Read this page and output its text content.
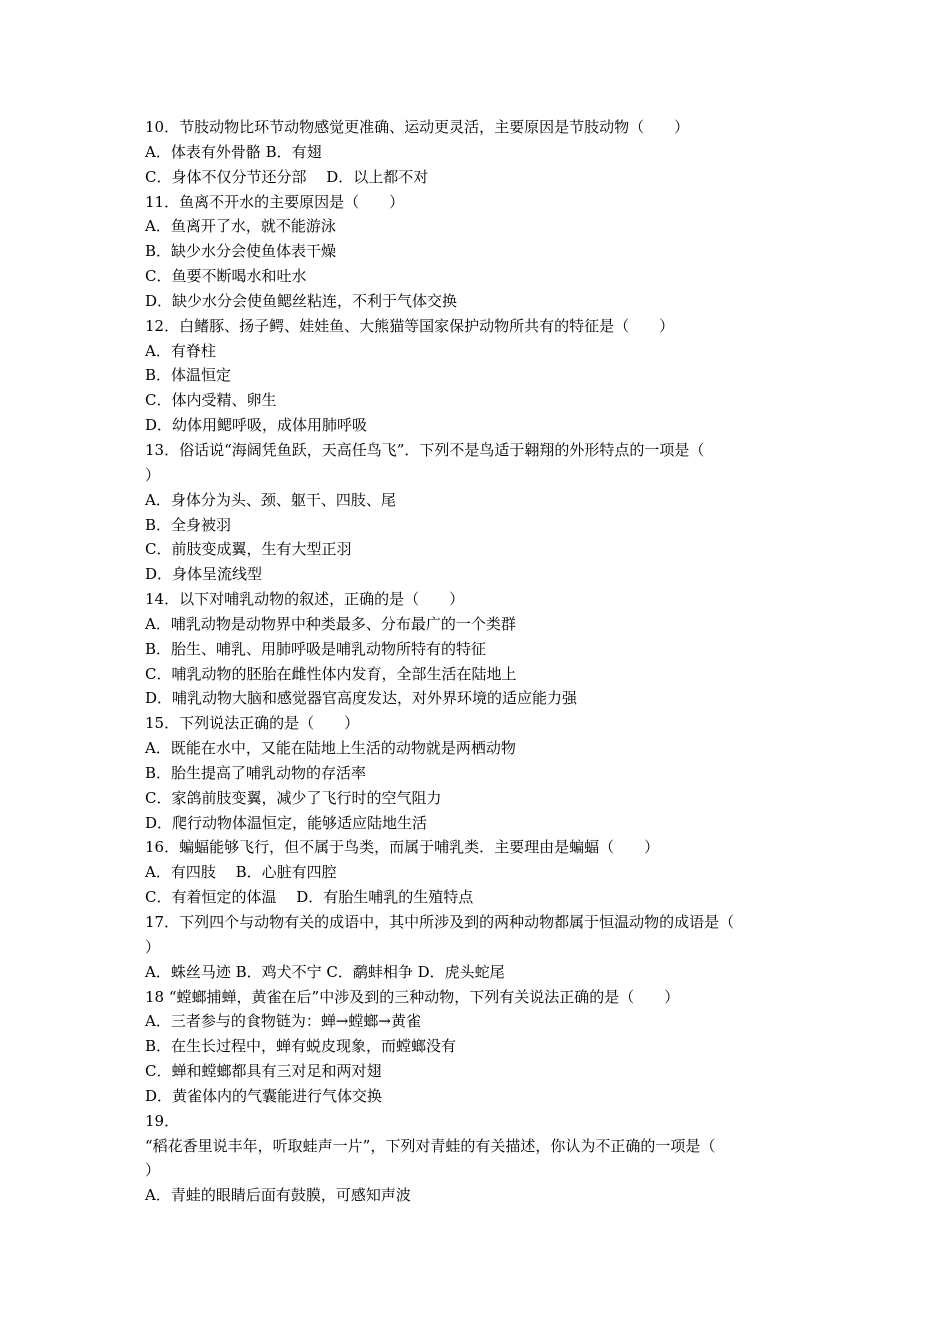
10．节肢动物比环节动物感觉更准确、运动更灵活，主要原因是节肢动物（　　）
A．体表有外骨骼 B．有翅
C．身体不仅分节还分部　 D．以上都不对
11．鱼离不开水的主要原因是（　　）
A．鱼离开了水，就不能游泳
B．缺少水分会使鱼体表干燥
C．鱼要不断喝水和吐水
D．缺少水分会使鱼鳃丝粘连，不利于气体交换
12．白鳍豚、扬子鳄、娃娃鱼、大熊猫等国家保护动物所共有的特征是（　　）
A．有脊柱
B．体温恒定
C．体内受精、卵生
D．幼体用鳃呼吸，成体用肺呼吸
13．俗话说“海阔凭鱼跃，天高任鸟飞”．下列不是鸟适于翱翔的外形特点的一项是（
）
A．身体分为头、颈、躯干、四肢、尾
B．全身被羽
C．前肢变成翼，生有大型正羽
D．身体呈流线型
14．以下对哺乳动物的叙述，正确的是（　　）
A．哺乳动物是动物界中种类最多、分布最广的一个类群
B．胎生、哺乳、用肺呼吸是哺乳动物所特有的特征
C．哺乳动物的胚胎在雌性体内发育，全部生活在陆地上
D．哺乳动物大脑和感觉器官高度发达，对外界环境的适应能力强
15．下列说法正确的是（　　）
A．既能在水中，又能在陆地上生活的动物就是两栖动物
B．胎生提高了哺乳动物的存活率
C．家鸽前肢变翼，减少了飞行时的空气阻力
D．爬行动物体温恒定，能够适应陆地生活
16．蝙蝠能够飞行，但不属于鸟类，而属于哺乳类．主要理由是蝙蝠（　　）
A．有四肢　 B．心脏有四腔
C．有着恒定的体温　 D．有胎生哺乳的生殖特点
17．下列四个与动物有关的成语中，其中所涉及到的两种动物都属于恒温动物的成语是（
）
A．蛛丝马迹 B．鸡犬不宁 C．鹬蚌相争 D．虎头蛇尾
18 “螳螂捕蝉，黄雀在后”中涉及到的三种动物，下列有关说法正确的是（　　）
A．三者参与的食物链为：蝉→螳螂→黄雀
B．在生长过程中，蝉有蜕皮现象，而螳螂没有
C．蝉和螳螂都具有三对足和两对翅
D．黄雀体内的气囊能进行气体交换
19．
“稻花香里说丰年，听取蛙声一片”，下列对青蛙的有关描述，你认为不正确的一项是（
）
A．青蛙的眼睛后面有鼓膜，可感知声波
